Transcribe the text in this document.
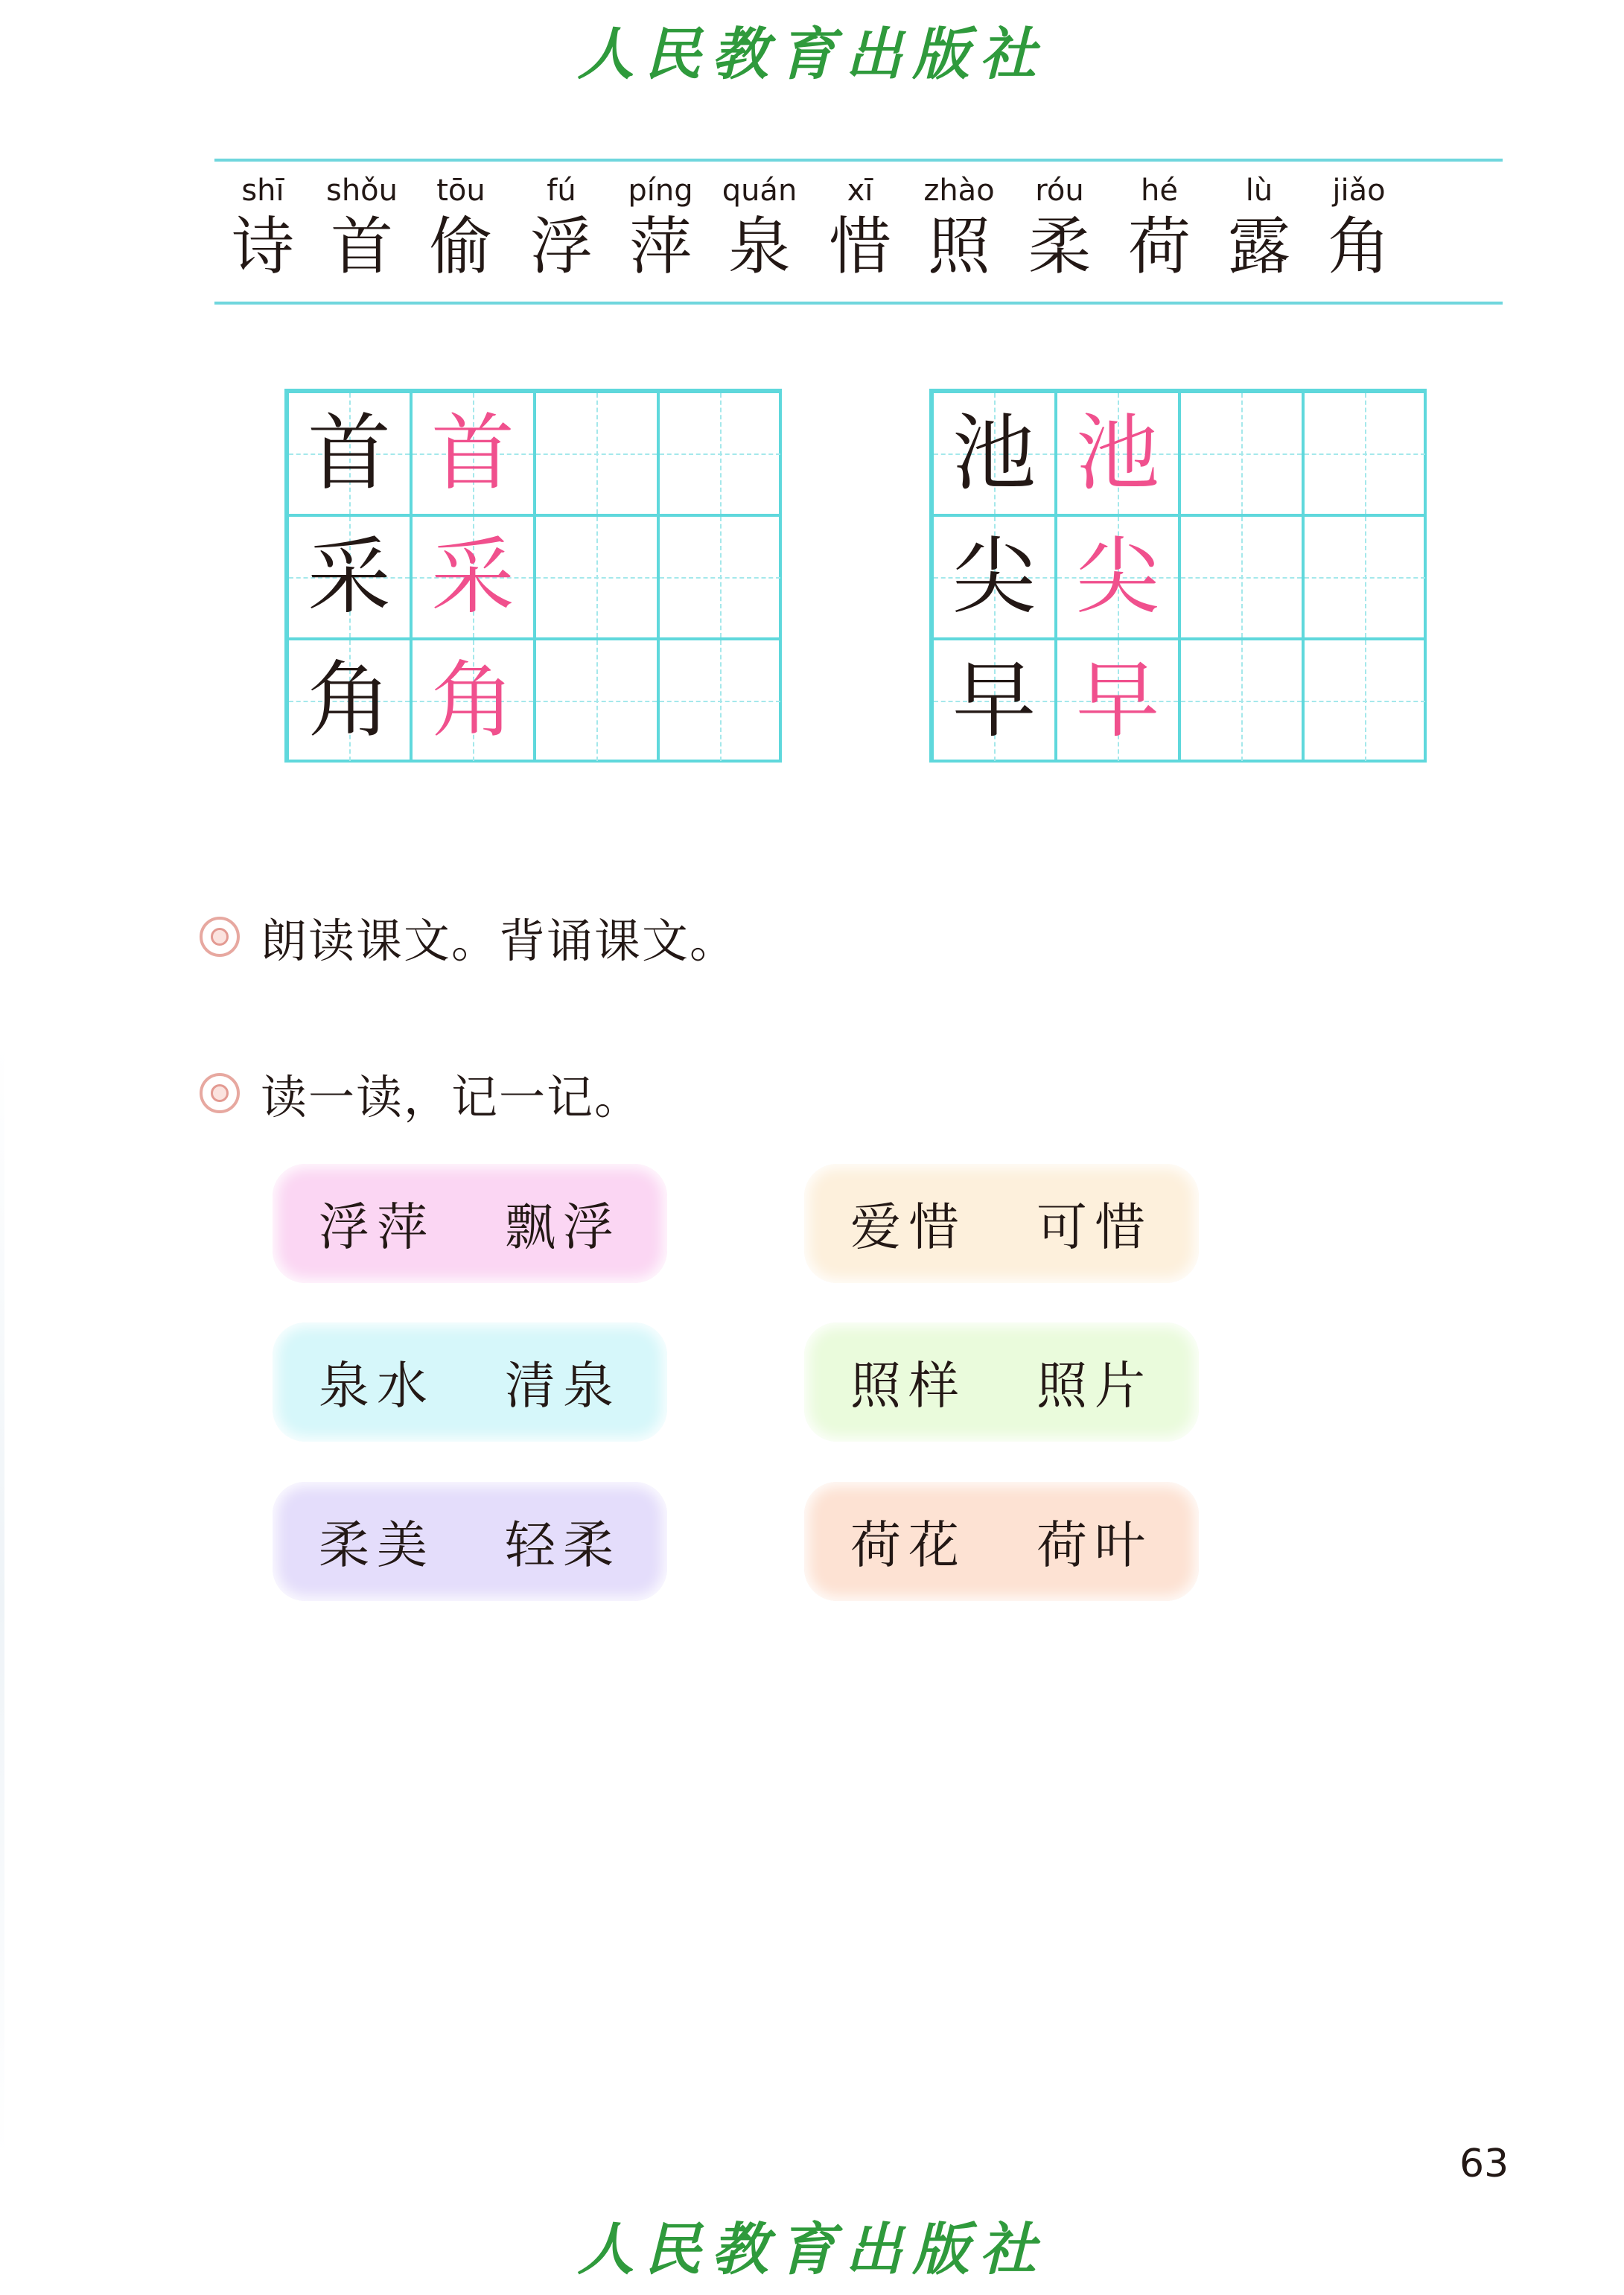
人民教育出版社
shī
诗
shǒu
首
tōu
偷
fú
浮
píng
萍
quán
泉
xī
惜
zhào
照
róu
柔
hé
荷
lù
露
jiǎo
角
首 首
采 采
角 角
池 池
尖 尖
早 早
朗读课文。背诵课文。
读一读，记一记。
浮萍 飘浮	爱惜 可惜
泉水 清泉	照样 照片
柔美 轻柔	荷花 荷叶
63
人民教育出版社
